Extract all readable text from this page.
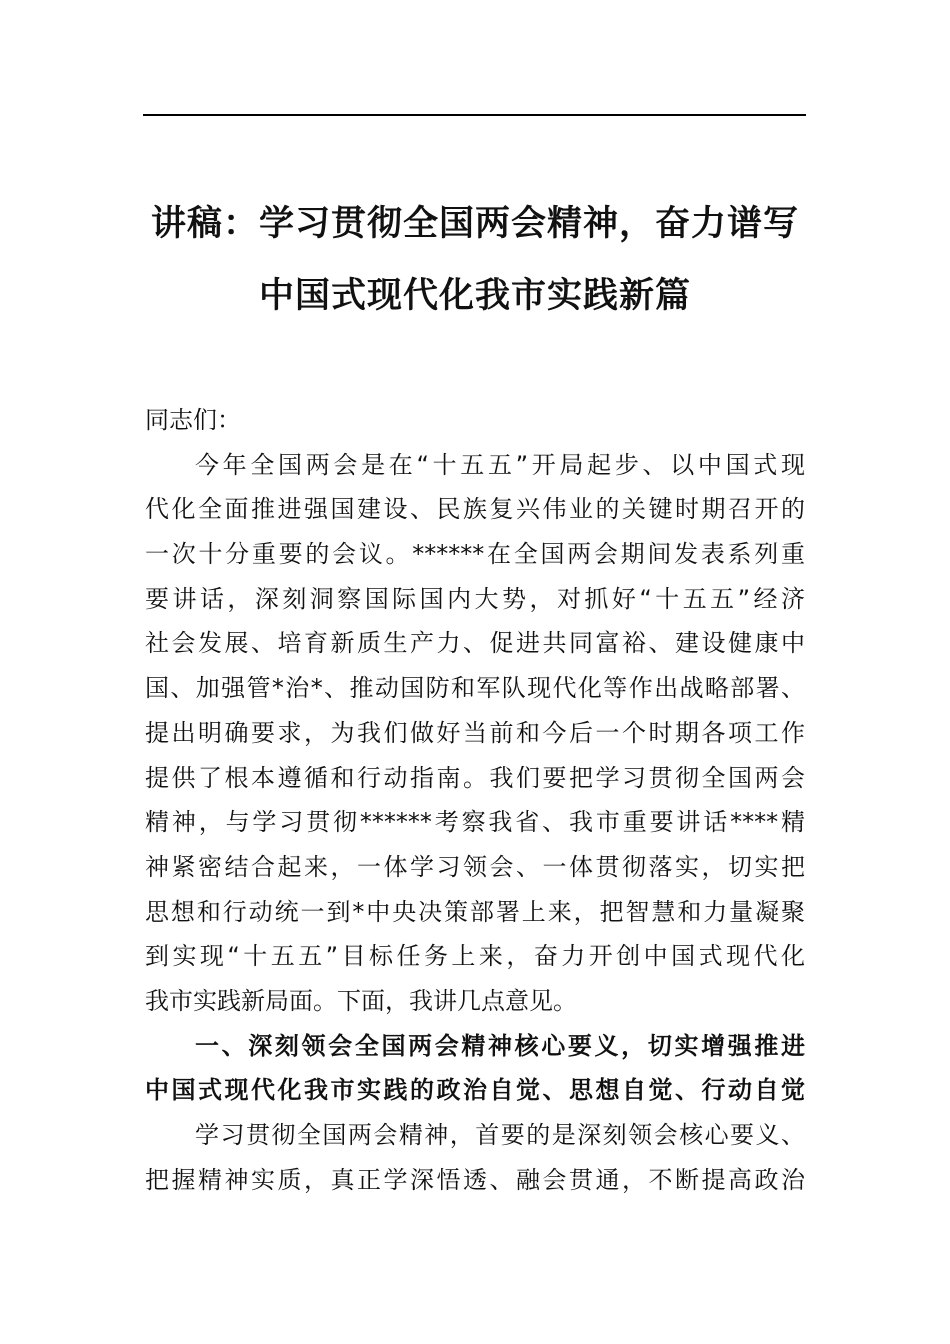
讲稿：学习贯彻全国两会精神，奋力谱写
中国式现代化我市实践新篇
同志们：
今年全国两会是在“十五五”开局起步、以中国式现
代化全面推进强国建设、民族复兴伟业的关键时期召开的
一次十分重要的会议。******在全国两会期间发表系列重
要讲话，深刻洞察国际国内大势，对抓好“十五五”经济
社会发展、培育新质生产力、促进共同富裕、建设健康中
国、加强管*治*、推动国防和军队现代化等作出战略部署、
提出明确要求，为我们做好当前和今后一个时期各项工作
提供了根本遵循和行动指南。我们要把学习贯彻全国两会
精神，与学习贯彻******考察我省、我市重要讲话****精
神紧密结合起来，一体学习领会、一体贯彻落实，切实把
思想和行动统一到*中央决策部署上来，把智慧和力量凝聚
到实现“十五五”目标任务上来，奋力开创中国式现代化
我市实践新局面。下面，我讲几点意见。
一、深刻领会全国两会精神核心要义，切实增强推进
中国式现代化我市实践的政治自觉、思想自觉、行动自觉
学习贯彻全国两会精神，首要的是深刻领会核心要义、
把握精神实质，真正学深悟透、融会贯通，不断提高政治
